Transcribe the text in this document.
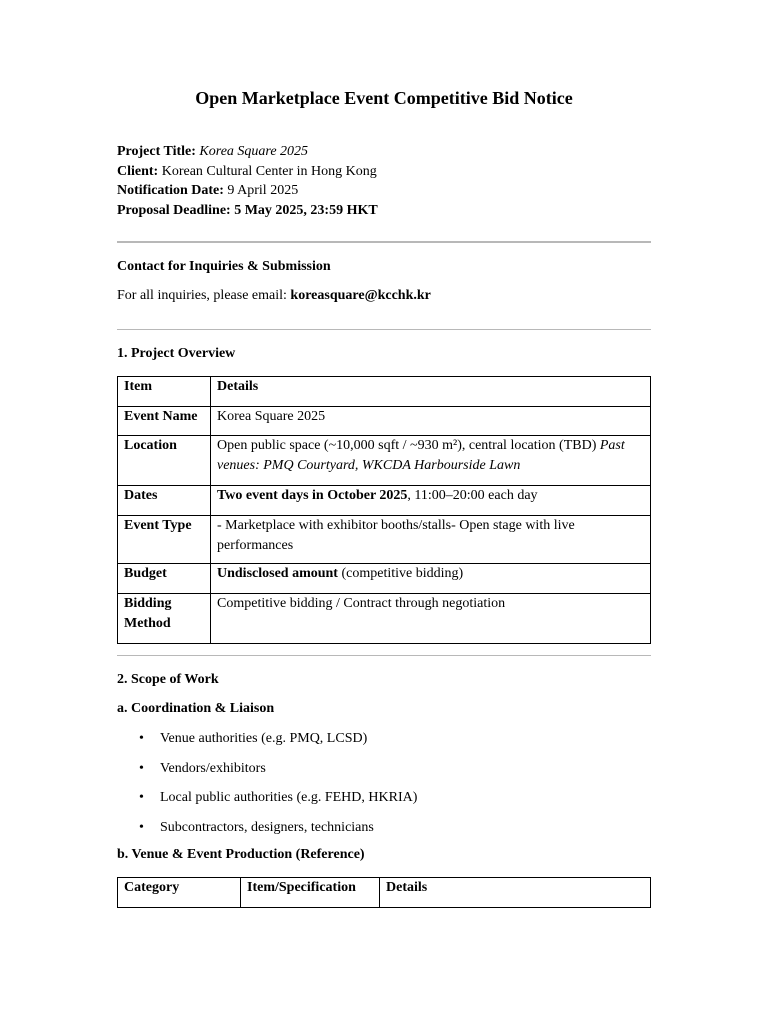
Open Marketplace Event Competitive Bid Notice
Project Title: Korea Square 2025
Client: Korean Cultural Center in Hong Kong
Notification Date: 9 April 2025
Proposal Deadline: 5 May 2025, 23:59 HKT
Contact for Inquiries & Submission
For all inquiries, please email: koreasquare@kcchk.kr
1. Project Overview
Item	Details
Event Name	Korea Square 2025
Location	Open public space (~10,000 sqft / ~930 m²), central location (TBD) Past venues: PMQ Courtyard, WKCDA Harbourside Lawn
Dates	Two event days in October 2025, 11:00–20:00 each day
Event Type	- Marketplace with exhibitor booths/stalls- Open stage with live performances
Budget	Undisclosed amount (competitive bidding)
Bidding Method	Competitive bidding / Contract through negotiation
2. Scope of Work
a. Coordination & Liaison
• Venue authorities (e.g. PMQ, LCSD)
• Vendors/exhibitors
• Local public authorities (e.g. FEHD, HKRIA)
• Subcontractors, designers, technicians
b. Venue & Event Production (Reference)
Category	Item/Specification	Details
